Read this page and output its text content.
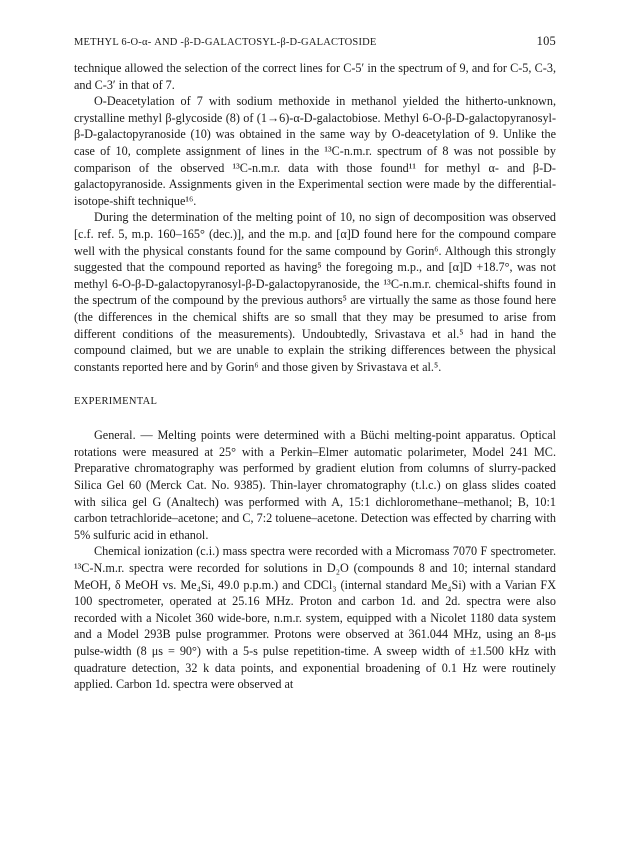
METHYL 6-O-α- AND -β-D-GALACTOSYL-β-D-GALACTOSIDE	105

technique allowed the selection of the correct lines for C-5′ in the spectrum of 9, and for C-5, C-3, and C-3′ in that of 7.

O-Deacetylation of 7 with sodium methoxide in methanol yielded the hitherto-unknown, crystalline methyl β-glycoside (8) of (1→6)-α-D-galactobiose. Methyl 6-O-β-D-galactopyranosyl-β-D-galactopyranoside (10) was obtained in the same way by O-deacetylation of 9. Unlike the case of 10, complete assignment of lines in the ¹³C-n.m.r. spectrum of 8 was not possible by comparison of the observed ¹³C-n.m.r. data with those found¹¹ for methyl α- and β-D-galactopyranoside. Assignments given in the Experimental section were made by the differential-isotope-shift technique¹⁶.

During the determination of the melting point of 10, no sign of decomposition was observed [c.f. ref. 5, m.p. 160–165° (dec.)], and the m.p. and [α]D found here for the compound compare well with the physical constants found for the same compound by Gorin⁶. Although this strongly suggested that the compound reported as having⁵ the foregoing m.p., and [α]D +18.7°, was not methyl 6-O-β-D-galactopyranosyl-β-D-galactopyranoside, the ¹³C-n.m.r. chemical-shifts found in the spectrum of the compound by the previous authors⁵ are virtually the same as those found here (the differences in the chemical shifts are so small that they may be presumed to arise from different conditions of the measurements). Undoubtedly, Srivastava et al.⁵ had in hand the compound claimed, but we are unable to explain the striking differences between the physical constants reported here and by Gorin⁶ and those given by Srivastava et al.⁵.

EXPERIMENTAL

General. — Melting points were determined with a Büchi melting-point apparatus. Optical rotations were measured at 25° with a Perkin–Elmer automatic polarimeter, Model 241 MC. Preparative chromatography was performed by gradient elution from columns of slurry-packed Silica Gel 60 (Merck Cat. No. 9385). Thin-layer chromatography (t.l.c.) on glass slides coated with silica gel G (Analtech) was performed with A, 15:1 dichloromethane–methanol; B, 10:1 carbon tetrachloride–acetone; and C, 7:2 toluene–acetone. Detection was effected by charring with 5% sulfuric acid in ethanol.

Chemical ionization (c.i.) mass spectra were recorded with a Micromass 7070 F spectrometer. ¹³C-N.m.r. spectra were recorded for solutions in D₂O (compounds 8 and 10; internal standard MeOH, δ MeOH vs. Me₄Si, 49.0 p.p.m.) and CDCl₃ (internal standard Me₄Si) with a Varian FX 100 spectrometer, operated at 25.16 MHz. Proton and carbon 1d. and 2d. spectra were also recorded with a Nicolet 360 wide-bore, n.m.r. system, equipped with a Nicolet 1180 data system and a Model 293B pulse programmer. Protons were observed at 361.044 MHz, using an 8-μs pulse-width (8 μs = 90°) with a 5-s pulse repetition-time. A sweep width of ±1.500 kHz with quadrature detection, 32 k data points, and exponential broadening of 0.1 Hz were routinely applied. Carbon 1d. spectra were observed at
